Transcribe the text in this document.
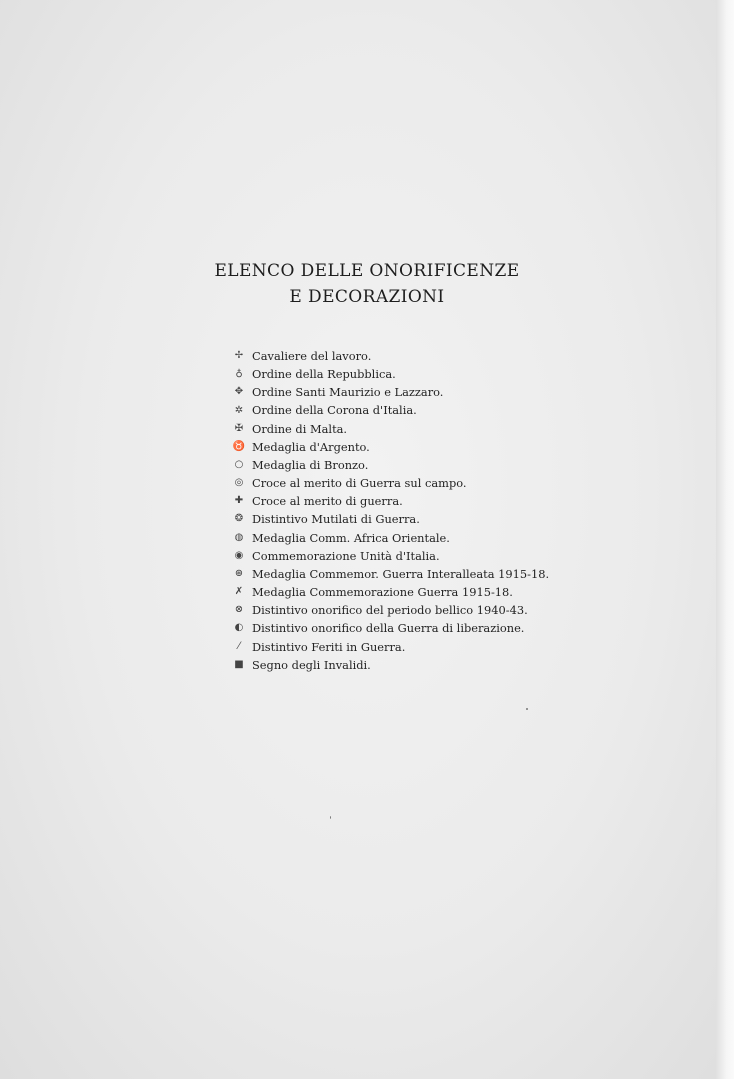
ELENCO DELLE ONORIFICENZE
E DECORAZIONI
✢ Cavaliere del lavoro.
♁ Ordine della Repubblica.
✥ Ordine Santi Maurizio e Lazzaro.
✲ Ordine della Corona d'Italia.
✠ Ordine di Malta.
♉ Medaglia d'Argento.
○ Medaglia di Bronzo.
◎ Croce al merito di Guerra sul campo.
✚ Croce al merito di guerra.
❂ Distintivo Mutilati di Guerra.
◍ Medaglia Comm. Africa Orientale.
◉ Commemorazione Unità d'Italia.
⊛ Medaglia Commemor. Guerra Interalleata 1915-18.
✗ Medaglia Commemorazione Guerra 1915-18.
⊗ Distintivo onorifico del periodo bellico 1940-43.
◐ Distintivo onorifico della Guerra di liberazione.
⁄	Distintivo Feriti in Guerra.
■ Segno degli Invalidi.
